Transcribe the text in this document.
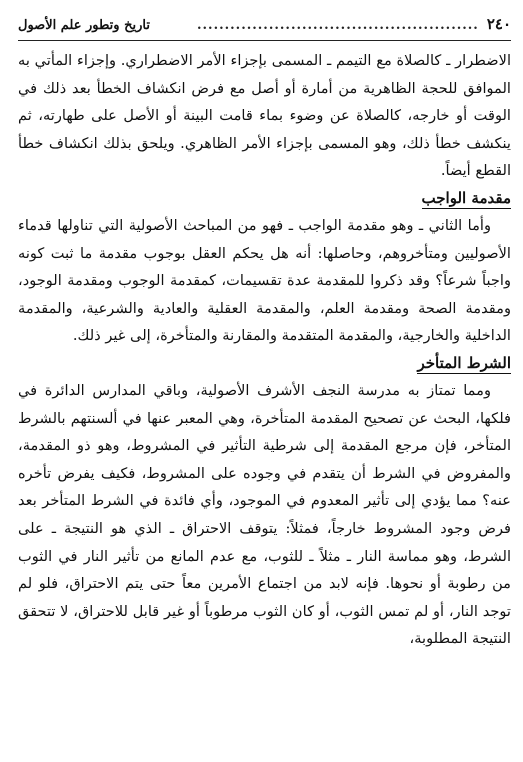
٢٤٠
...................................................
تاريخ وتطور علم الأصول

الاضطرار ـ كالصلاة مع التيمم ـ المسمى بإجزاء الأمر الاضطراري. وإجزاء المأتي به الموافق للحجة الظاهرية من أمارة أو أصل مع فرض انكشاف الخطأ بعد ذلك في الوقت أو خارجه، كالصلاة عن وضوء بماء قامت البينة أو الأصل على طهارته، ثم ينكشف خطأ ذلك، وهو المسمى بإجزاء الأمر الظاهري. ويلحق بذلك انكشاف خطأ القطع أيضاً.

مقدمة الواجب

وأما الثاني ـ وهو مقدمة الواجب ـ فهو من المباحث الأصولية التي تناولها قدماء الأصوليين ومتأخروهم، وحاصلها: أنه هل يحكم العقل بوجوب مقدمة ما ثبت كونه واجباً شرعاً؟ وقد ذكروا للمقدمة عدة تقسيمات، كمقدمة الوجوب ومقدمة الوجود، ومقدمة الصحة ومقدمة العلم، والمقدمة العقلية والعادية والشرعية، والمقدمة الداخلية والخارجية، والمقدمة المتقدمة والمقارنة والمتأخرة، إلى غير ذلك.

الشرط المتأخر

ومما تمتاز به مدرسة النجف الأشرف الأصولية، وباقي المدارس الدائرة في فلكها، البحث عن تصحيح المقدمة المتأخرة، وهي المعبر عنها في ألسنتهم بالشرط المتأخر، فإن مرجع المقدمة إلى شرطية التأثير في المشروط، وهو ذو المقدمة، والمفروض في الشرط أن يتقدم في وجوده على المشروط، فكيف يفرض تأخره عنه؟ مما يؤدي إلى تأثير المعدوم في الموجود، وأي فائدة في الشرط المتأخر بعد فرض وجود المشروط خارجاً، فمثلاً: يتوقف الاحتراق ـ الذي هو النتيجة ـ على الشرط، وهو مماسة النار ـ مثلاً ـ للثوب، مع عدم المانع من تأثير النار في الثوب من رطوبة أو نحوها. فإنه لابد من اجتماع الأمرين معاً حتى يتم الاحتراق، فلو لم توجد النار، أو لم تمس الثوب، أو كان الثوب مرطوباً أو غير قابل للاحتراق، لا تتحقق النتيجة المطلوبة،
